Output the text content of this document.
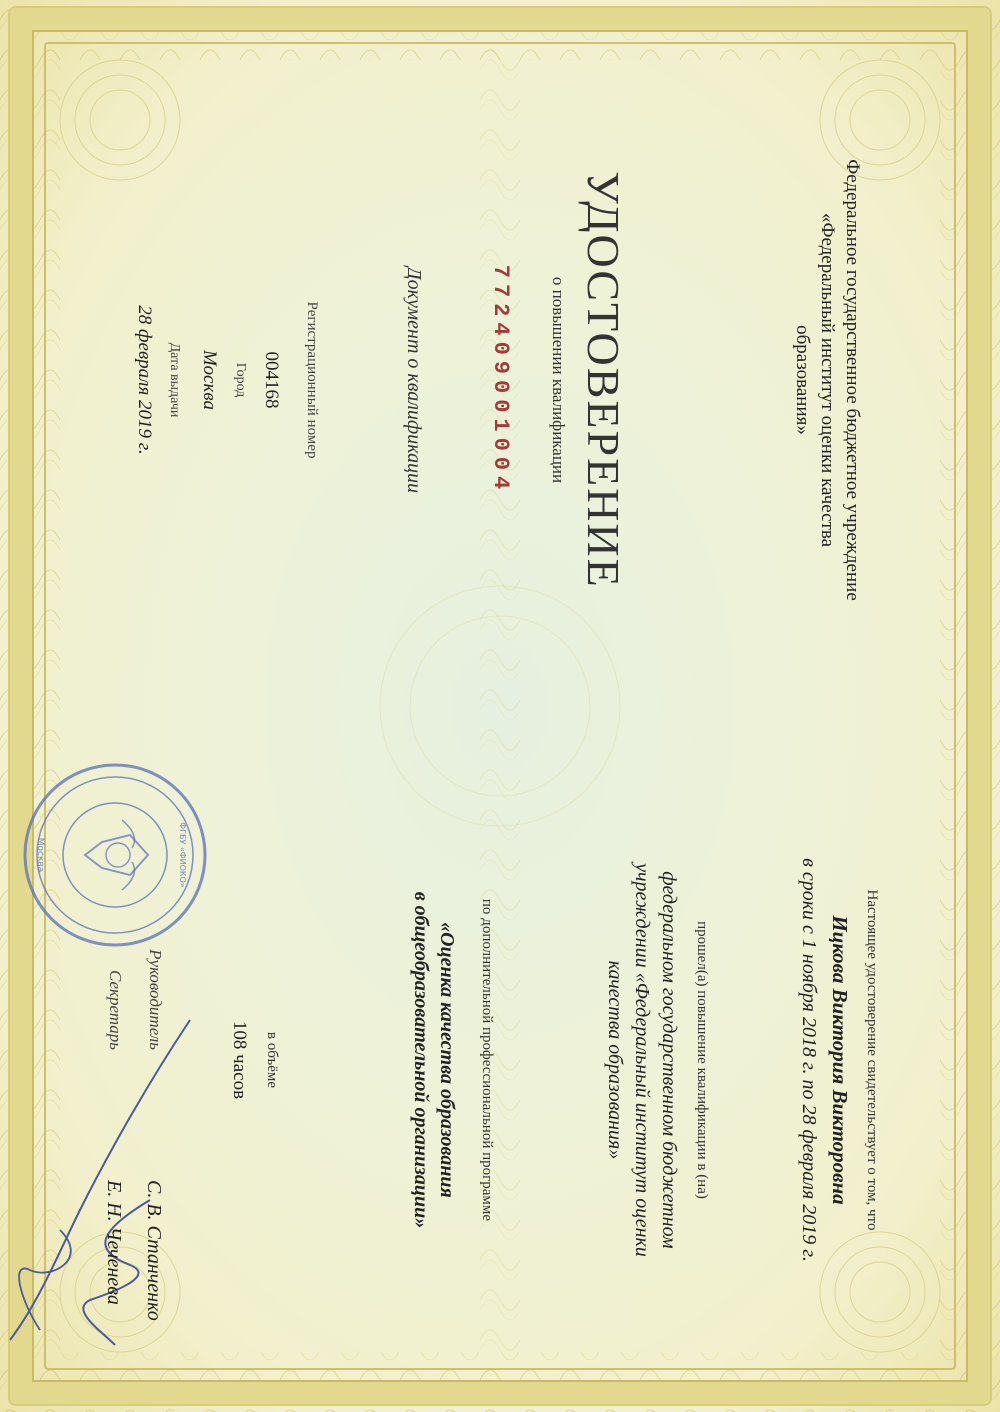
Федеральное государственное бюджетное учреждение
«Федеральный институт оценки качества
образования»
УДОСТОВЕРЕНИЕ
о повышении квалификации
772409001004
Документ о квалификации
Регистрационный номер
004168
Город
Москва
Дата выдачи
28 февраля 2019 г.
Настоящее удостоверение свидетельствует о том, что
Ицкова Виктория Викторовна
в сроки с 1 ноября 2018 г. по 28 февраля 2019 г.
прошел(а) повышение квалификации в (на)
федеральном государственном бюджетном
учреждении «Федеральный институт оценки
качества образования»
по дополнительной профессиональной программе
«Оценка качества образования
в общеобразовательной организации»
в объёме
108 часов
Руководитель
С. В. Станченко
Секретарь
Е. Н. Чеченева
ФГБУ «ФИОКО»
Москва
